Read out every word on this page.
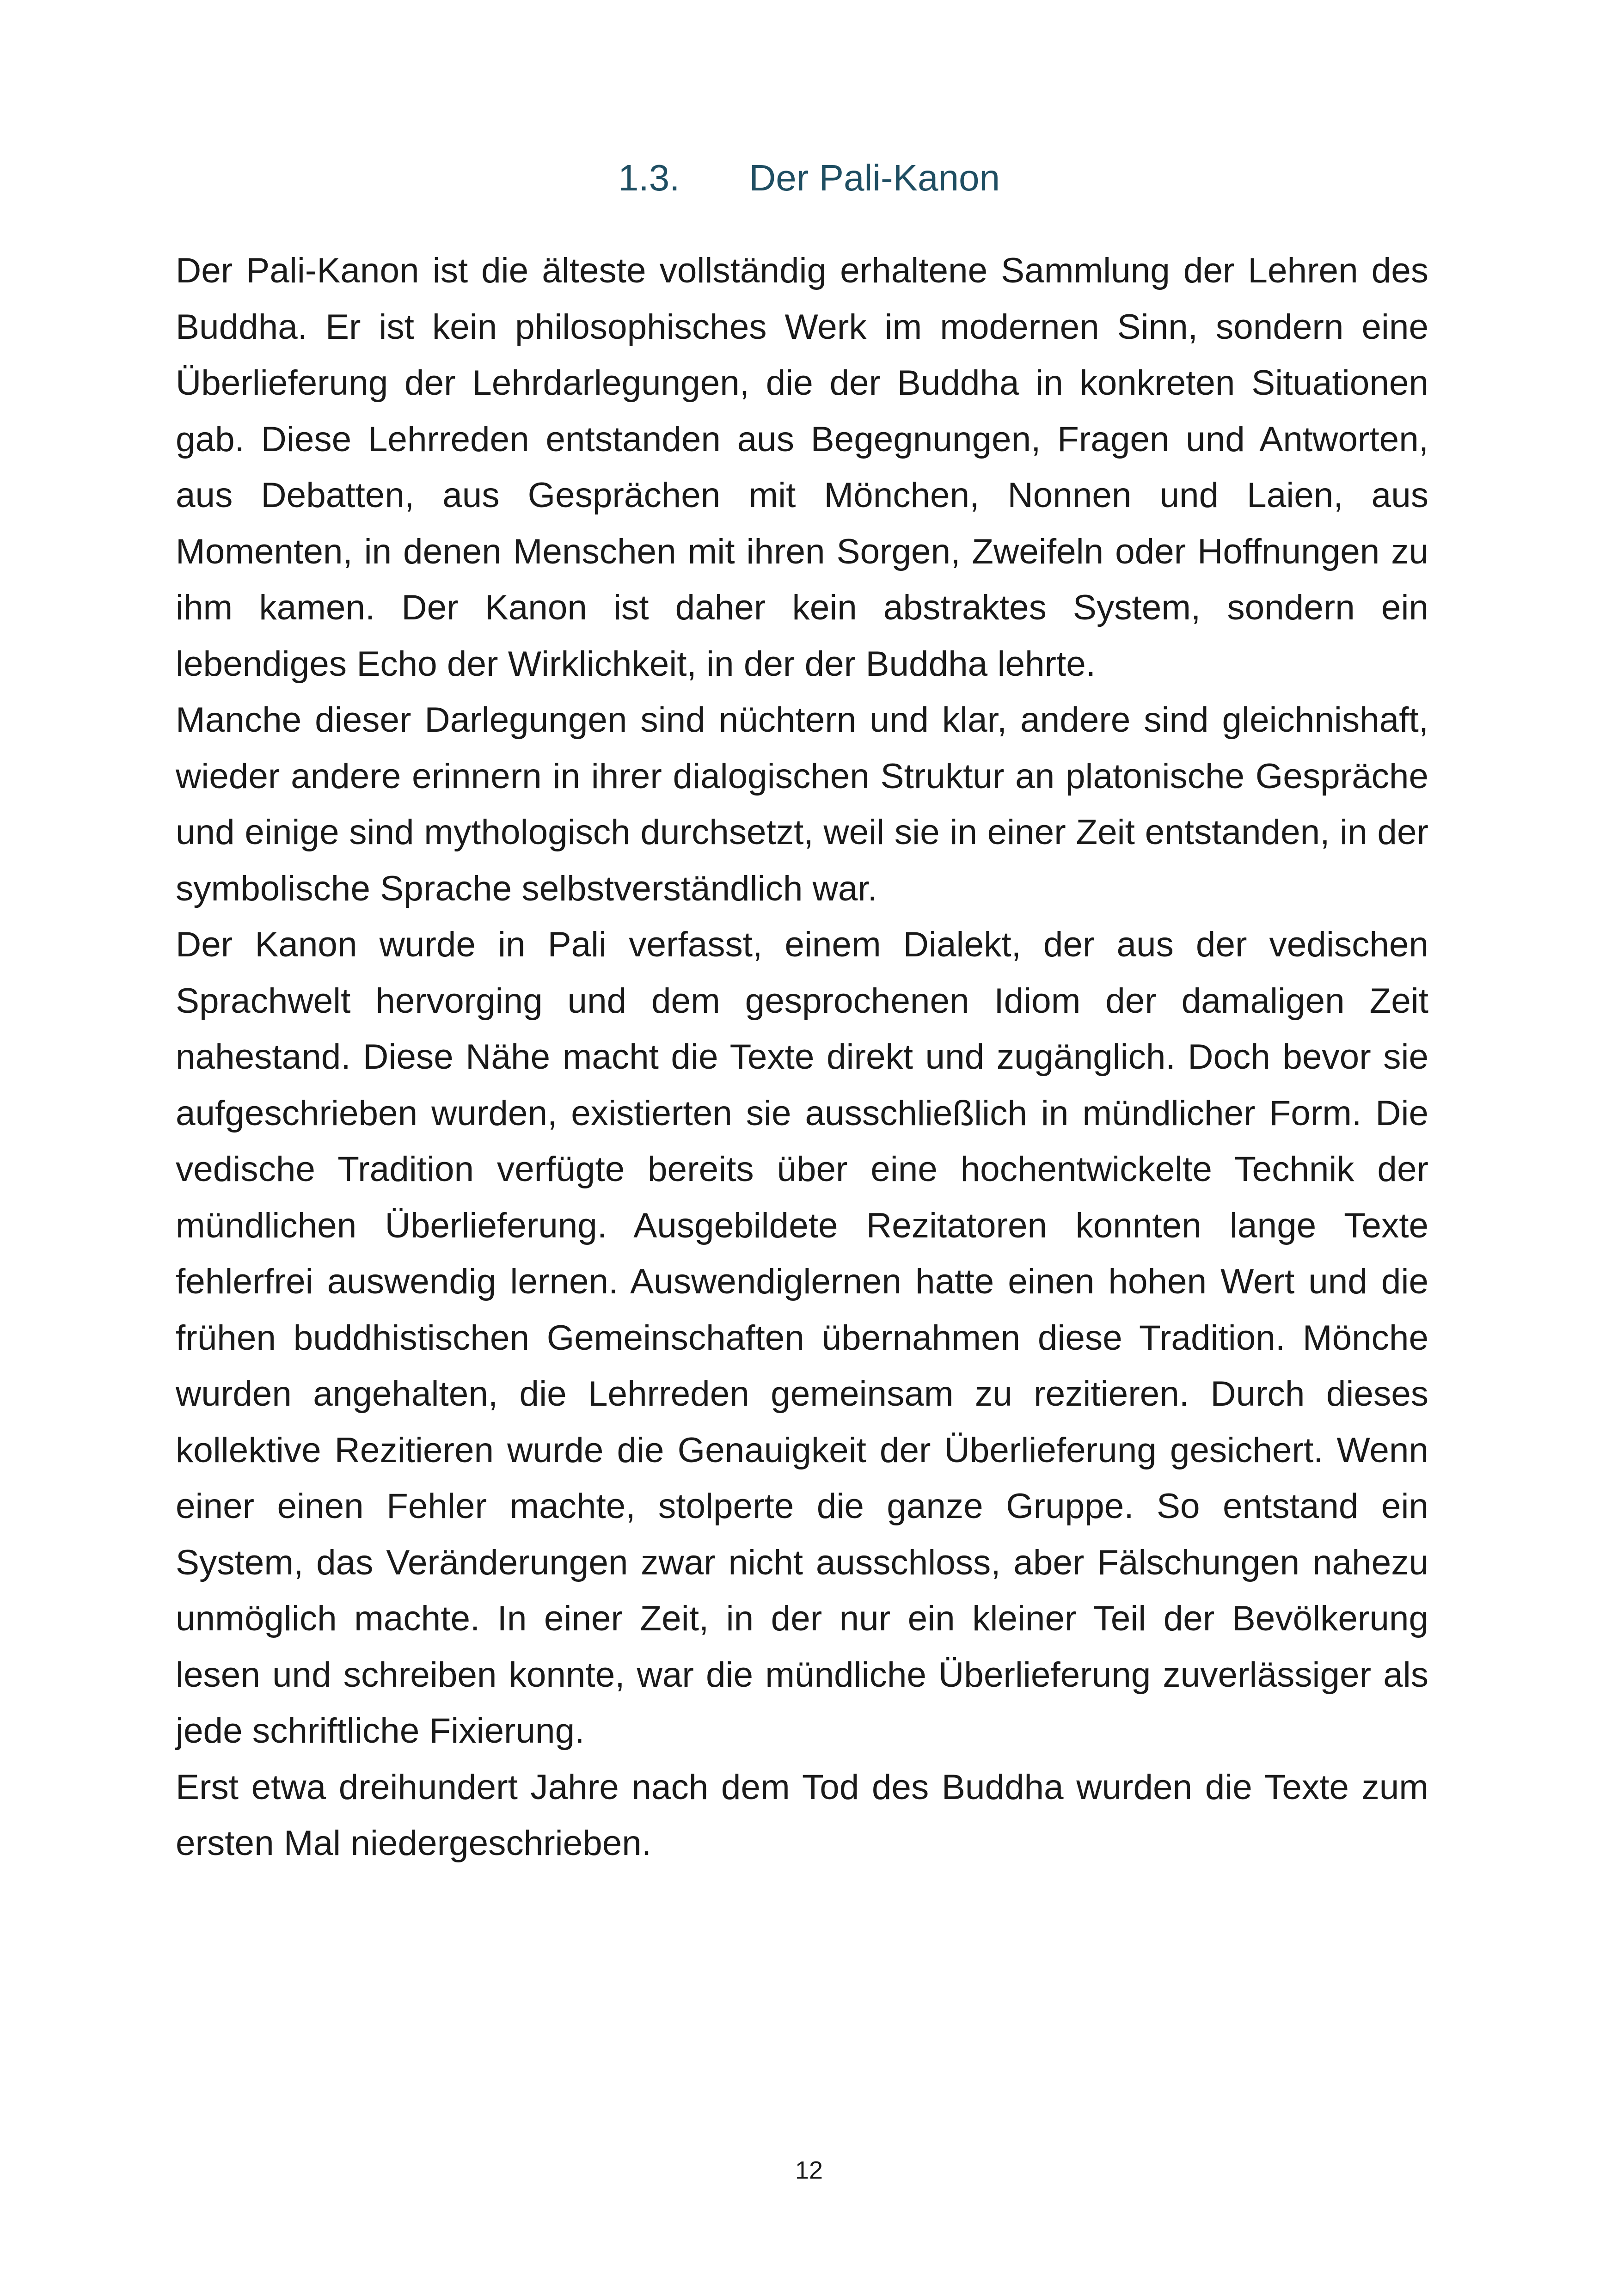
1.3. Der Pali-Kanon

Der Pali-Kanon ist die älteste vollständig erhaltene Sammlung der Lehren des Buddha. Er ist kein philosophisches Werk im modernen Sinn, sondern eine Überlieferung der Lehrdarlegungen, die der Buddha in konkreten Situationen gab. Diese Lehrreden entstanden aus Begegnungen, Fragen und Antworten, aus Debatten, aus Gesprächen mit Mönchen, Nonnen und Laien, aus Momenten, in denen Menschen mit ihren Sorgen, Zweifeln oder Hoffnungen zu ihm kamen. Der Kanon ist daher kein abstraktes System, sondern ein lebendiges Echo der Wirklichkeit, in der der Buddha lehrte.

Manche dieser Darlegungen sind nüchtern und klar, andere sind gleichnishaft, wieder andere erinnern in ihrer dialogischen Struktur an platonische Gespräche und einige sind mythologisch durchsetzt, weil sie in einer Zeit entstanden, in der symbolische Sprache selbstverständlich war.

Der Kanon wurde in Pali verfasst, einem Dialekt, der aus der vedischen Sprachwelt hervorging und dem gesprochenen Idiom der damaligen Zeit nahestand. Diese Nähe macht die Texte direkt und zugänglich. Doch bevor sie aufgeschrieben wurden, existierten sie ausschließlich in mündlicher Form. Die vedische Tradition verfügte bereits über eine hochentwickelte Technik der mündlichen Überlieferung. Ausgebildete Rezitatoren konnten lange Texte fehlerfrei auswendig lernen. Auswendiglernen hatte einen hohen Wert und die frühen buddhistischen Gemeinschaften übernahmen diese Tradition. Mönche wurden angehalten, die Lehrreden gemeinsam zu rezitieren. Durch dieses kollektive Rezitieren wurde die Genauigkeit der Überlieferung gesichert. Wenn einer einen Fehler machte, stolperte die ganze Gruppe. So entstand ein System, das Veränderungen zwar nicht ausschloss, aber Fälschungen nahezu unmöglich machte. In einer Zeit, in der nur ein kleiner Teil der Bevölkerung lesen und schreiben konnte, war die mündliche Überlieferung zuverlässiger als jede schriftliche Fixierung.

Erst etwa dreihundert Jahre nach dem Tod des Buddha wurden die Texte zum ersten Mal niedergeschrieben.

12
